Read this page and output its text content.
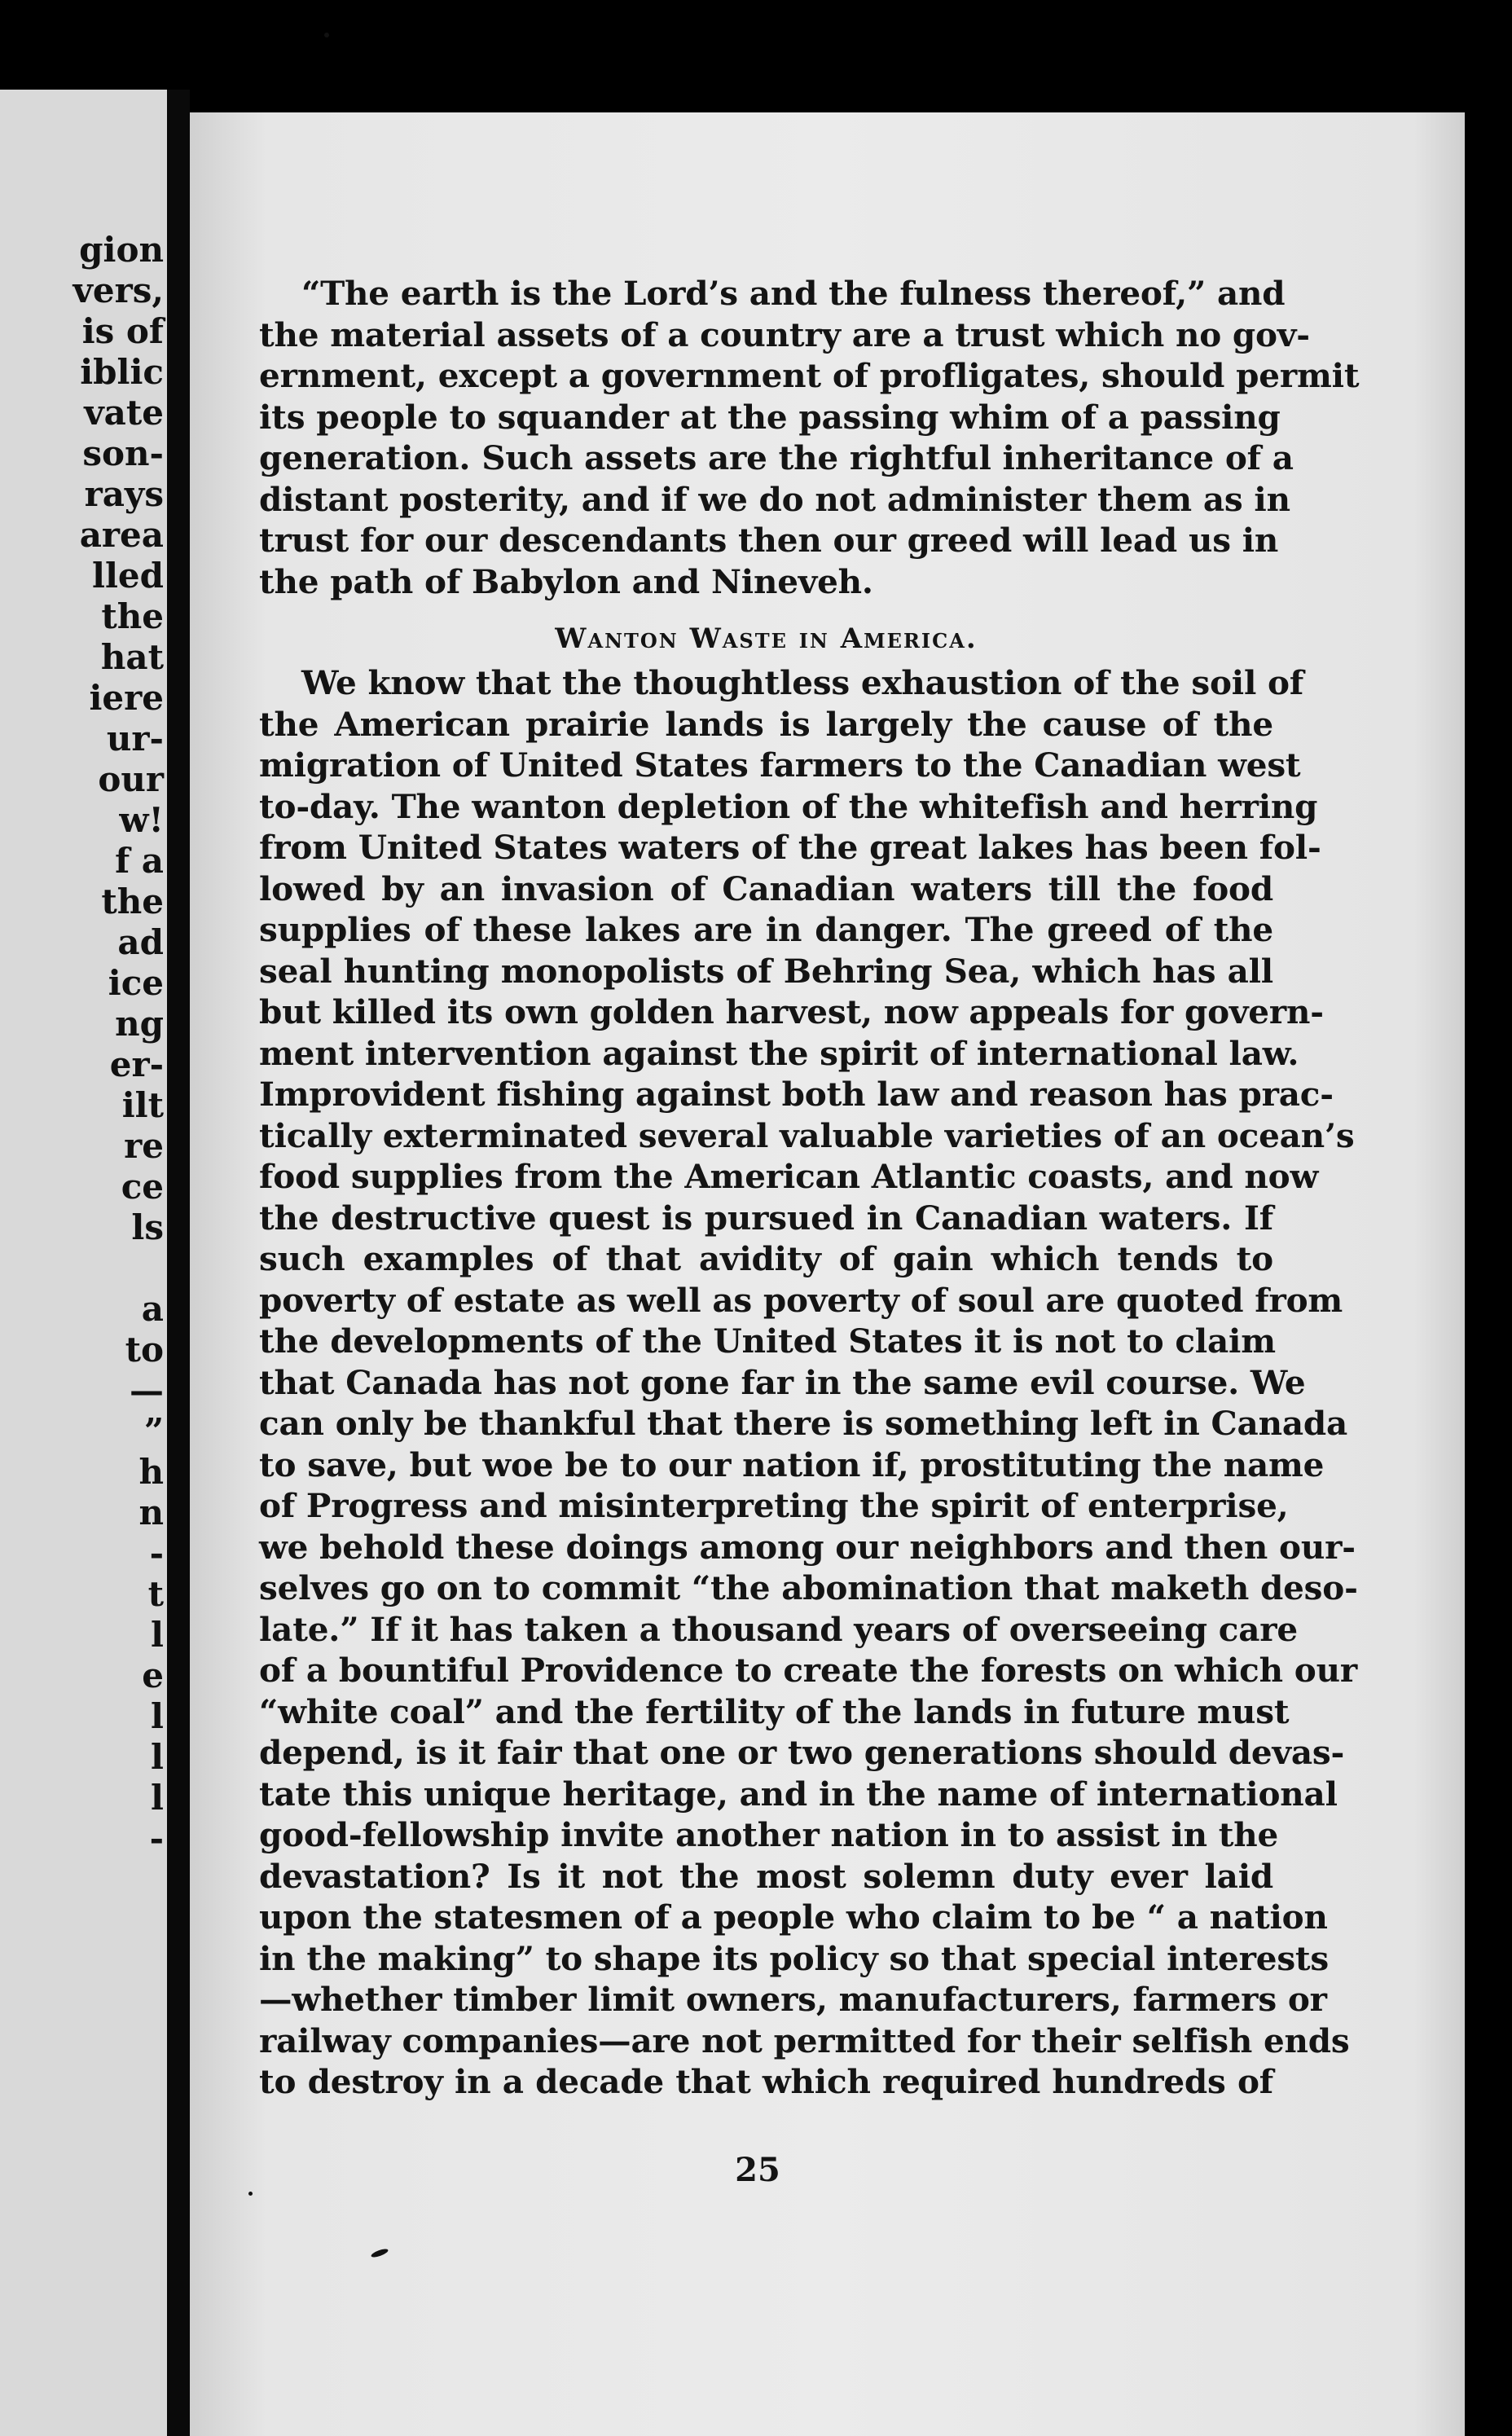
gion
vers,
is of
iblic
vate
son-
rays
area
lled
the
hat
iere
ur-
our
w!
f a
the
ad
ice
ng
er-
ilt
re
ce
ls
a
to
—
”
h
n
-
t
l
e
l
l
l
-
“The earth is the Lord’s and the fulness thereof,” and
the material assets of a country are a trust which no gov-
ernment, except a government of profligates, should permit
its people to squander at the passing whim of a passing
generation. Such assets are the rightful inheritance of a
distant posterity, and if we do not administer them as in
trust for our descendants then our greed will lead us in
the path of Babylon and Nineveh.
Wanton Waste in America.
We know that the thoughtless exhaustion of the soil of
the American prairie lands is largely the cause of the
migration of United States farmers to the Canadian west
to-day. The wanton depletion of the whitefish and herring
from United States waters of the great lakes has been fol-
lowed by an invasion of Canadian waters till the food
supplies of these lakes are in danger. The greed of the
seal hunting monopolists of Behring Sea, which has all
but killed its own golden harvest, now appeals for govern-
ment intervention against the spirit of international law.
Improvident fishing against both law and reason has prac-
tically exterminated several valuable varieties of an ocean’s
food supplies from the American Atlantic coasts, and now
the destructive quest is pursued in Canadian waters. If
such examples of that avidity of gain which tends to
poverty of estate as well as poverty of soul are quoted from
the developments of the United States it is not to claim
that Canada has not gone far in the same evil course. We
can only be thankful that there is something left in Canada
to save, but woe be to our nation if, prostituting the name
of Progress and misinterpreting the spirit of enterprise,
we behold these doings among our neighbors and then our-
selves go on to commit “the abomination that maketh deso-
late.” If it has taken a thousand years of overseeing care
of a bountiful Providence to create the forests on which our
“white coal” and the fertility of the lands in future must
depend, is it fair that one or two generations should devas-
tate this unique heritage, and in the name of international
good-fellowship invite another nation in to assist in the
devastation? Is it not the most solemn duty ever laid
upon the statesmen of a people who claim to be “ a nation
in the making” to shape its policy so that special interests
—whether timber limit owners, manufacturers, farmers or
railway companies—are not permitted for their selfish ends
to destroy in a decade that which required hundreds of
25
